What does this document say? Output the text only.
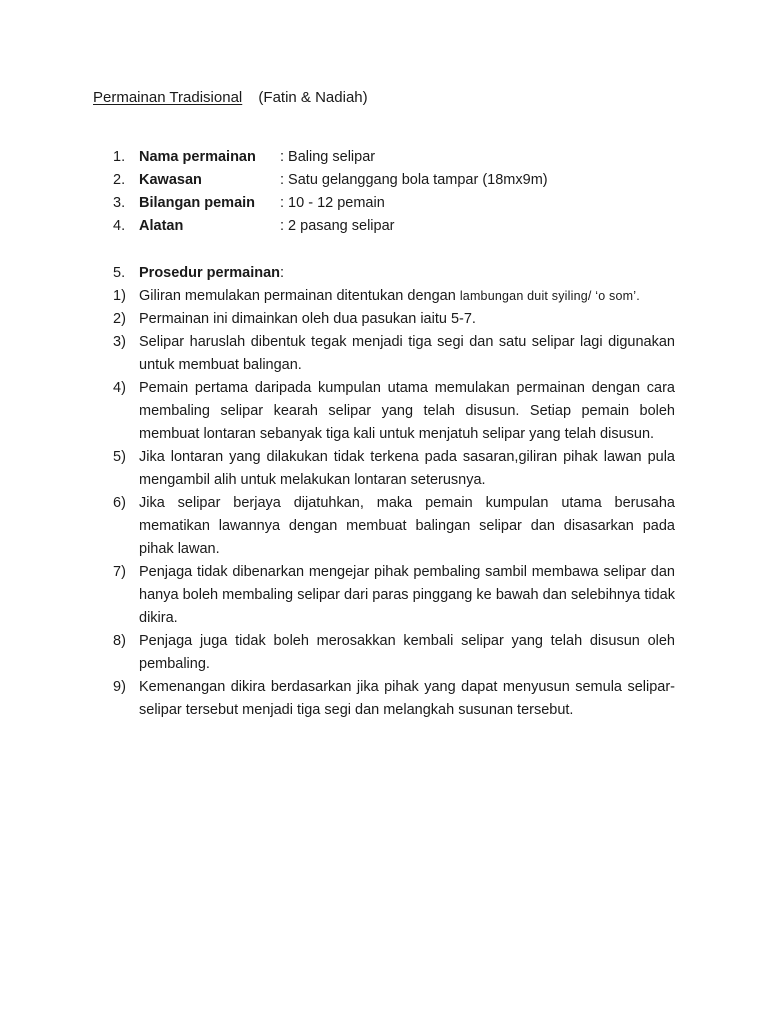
Permainan Tradisional (Fatin & Nadiah)
1. Nama permainan	: Baling selipar
2. Kawasan	: Satu gelanggang bola tampar (18mx9m)
3. Bilangan pemain	: 10 - 12 pemain
4. Alatan	: 2 pasang selipar
5. Prosedur permainan :
1) Giliran memulakan permainan ditentukan dengan lambungan duit syiling/ ‘o som’.
2) Permainan ini dimainkan oleh dua pasukan iaitu 5-7.
3) Selipar haruslah dibentuk tegak menjadi tiga segi dan satu selipar lagi digunakan untuk membuat balingan.
4) Pemain pertama daripada kumpulan utama memulakan permainan dengan cara membaling selipar kearah selipar yang telah disusun. Setiap pemain boleh membuat lontaran sebanyak tiga kali untuk menjatuh selipar yang telah disusun.
5) Jika lontaran yang dilakukan tidak terkena pada sasaran,giliran pihak lawan pula mengambil alih untuk melakukan lontaran seterusnya.
6) Jika selipar berjaya dijatuhkan, maka pemain kumpulan utama berusaha mematikan lawannya dengan membuat balingan selipar dan disasarkan pada pihak lawan.
7) Penjaga tidak dibenarkan mengejar pihak pembaling sambil membawa selipar dan hanya boleh membaling selipar dari paras pinggang ke bawah dan selebihnya tidak dikira.
8) Penjaga juga tidak boleh merosakkan kembali selipar yang telah disusun oleh pembaling.
9) Kemenangan dikira berdasarkan jika pihak yang dapat menyusun semula selipar-selipar tersebut menjadi tiga segi dan melangkah susunan tersebut.
